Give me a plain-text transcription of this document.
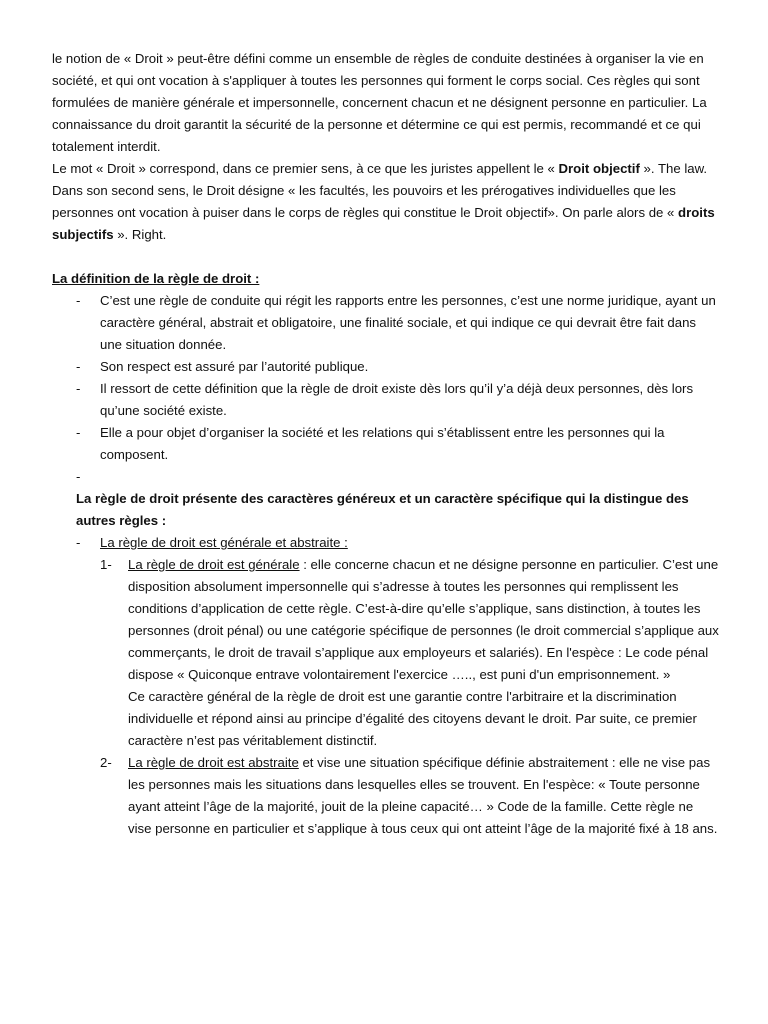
le notion de « Droit » peut-être défini comme un ensemble de règles de conduite destinées à organiser la vie en société, et qui ont vocation à s'appliquer à toutes les personnes qui forment le corps social. Ces règles qui sont formulées de manière générale et impersonnelle, concernent chacun et ne désignent personne en particulier. La connaissance du droit garantit la sécurité de la personne et détermine ce qui est permis, recommandé et ce qui totalement interdit.

Le mot « Droit » correspond, dans ce premier sens, à ce que les juristes appellent le « Droit objectif ». The law.

Dans son second sens, le Droit désigne « les facultés, les pouvoirs et les prérogatives individuelles que les personnes ont vocation à puiser dans le corps de règles qui constitue le Droit objectif». On parle alors de « droits subjectifs ». Right.

La définition de la règle de droit :

- C’est une règle de conduite qui régit les rapports entre les personnes, c’est une norme juridique, ayant un caractère général, abstrait et obligatoire, une finalité sociale, et qui indique ce qui devrait être fait dans une situation donnée.
- Son respect est assuré par l’autorité publique.
- Il ressort de cette définition que la règle de droit existe dès lors qu’il y’a déjà deux personnes, dès lors qu’une société existe.
- Elle a pour objet d’organiser la société et les relations qui s’établissent entre les personnes qui la composent.
-

La règle de droit présente des caractères généreux et un caractère spécifique qui la distingue des autres règles :

- La règle de droit est générale et abstraite :
1- La règle de droit est générale : elle concerne chacun et ne désigne personne en particulier. C’est une disposition absolument impersonnelle qui s’adresse à toutes les personnes qui remplissent les conditions d’application de cette règle. C’est-à-dire qu’elle s’applique, sans distinction, à toutes les personnes (droit pénal) ou une catégorie spécifique de personnes (le droit commercial s’applique aux commerçants, le droit de travail s’applique aux employeurs et salariés). En l'espèce : Le code pénal dispose « Quiconque entrave volontairement l'exercice ….., est puni d'un emprisonnement. »

Ce caractère général de la règle de droit est une garantie contre l'arbitraire et la discrimination individuelle et répond ainsi au principe d’égalité des citoyens devant le droit. Par suite, ce premier caractère n’est pas véritablement distinctif.

2- La règle de droit est abstraite et vise une situation spécifique définie abstraitement : elle ne vise pas les personnes mais les situations dans lesquelles elles se trouvent. En l'espèce: « Toute personne ayant atteint l’âge de la majorité, jouit de la pleine capacité… » Code de la famille. Cette règle ne vise personne en particulier et s’applique à tous ceux qui ont atteint l’âge de la majorité fixé à 18 ans.
